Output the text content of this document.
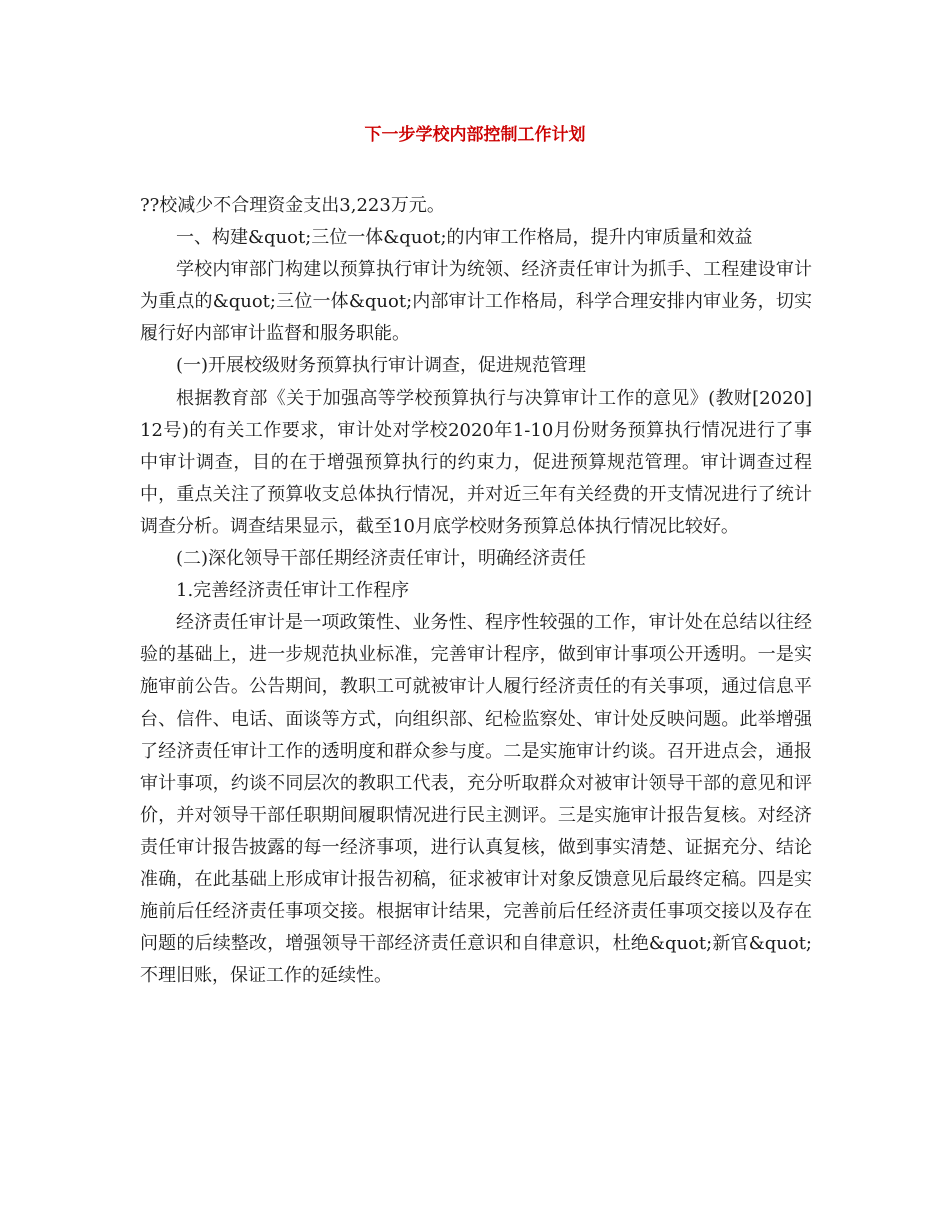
下一步学校内部控制工作计划

??校减少不合理资金支出3,223万元。

一、构建&quot;三位一体&quot;的内审工作格局，提升内审质量和效益

学校内审部门构建以预算执行审计为统领、经济责任审计为抓手、工程建设审计为重点的&quot;三位一体&quot;内部审计工作格局，科学合理安排内审业务，切实履行好内部审计监督和服务职能。

(一)开展校级财务预算执行审计调查，促进规范管理

根据教育部《关于加强高等学校预算执行与决算审计工作的意见》(教财[2020]12号)的有关工作要求，审计处对学校2020年1-10月份财务预算执行情况进行了事中审计调查，目的在于增强预算执行的约束力，促进预算规范管理。审计调查过程中，重点关注了预算收支总体执行情况，并对近三年有关经费的开支情况进行了统计调查分析。调查结果显示，截至10月底学校财务预算总体执行情况比较好。

(二)深化领导干部任期经济责任审计，明确经济责任

1.完善经济责任审计工作程序

经济责任审计是一项政策性、业务性、程序性较强的工作，审计处在总结以往经验的基础上，进一步规范执业标准，完善审计程序，做到审计事项公开透明。一是实施审前公告。公告期间，教职工可就被审计人履行经济责任的有关事项，通过信息平台、信件、电话、面谈等方式，向组织部、纪检监察处、审计处反映问题。此举增强了经济责任审计工作的透明度和群众参与度。二是实施审计约谈。召开进点会，通报审计事项，约谈不同层次的教职工代表，充分听取群众对被审计领导干部的意见和评价，并对领导干部任职期间履职情况进行民主测评。三是实施审计报告复核。对经济责任审计报告披露的每一经济事项，进行认真复核，做到事实清楚、证据充分、结论准确，在此基础上形成审计报告初稿，征求被审计对象反馈意见后最终定稿。四是实施前后任经济责任事项交接。根据审计结果，完善前后任经济责任事项交接以及存在问题的后续整改，增强领导干部经济责任意识和自律意识，杜绝&quot;新官&quot;不理旧账，保证工作的延续性。
